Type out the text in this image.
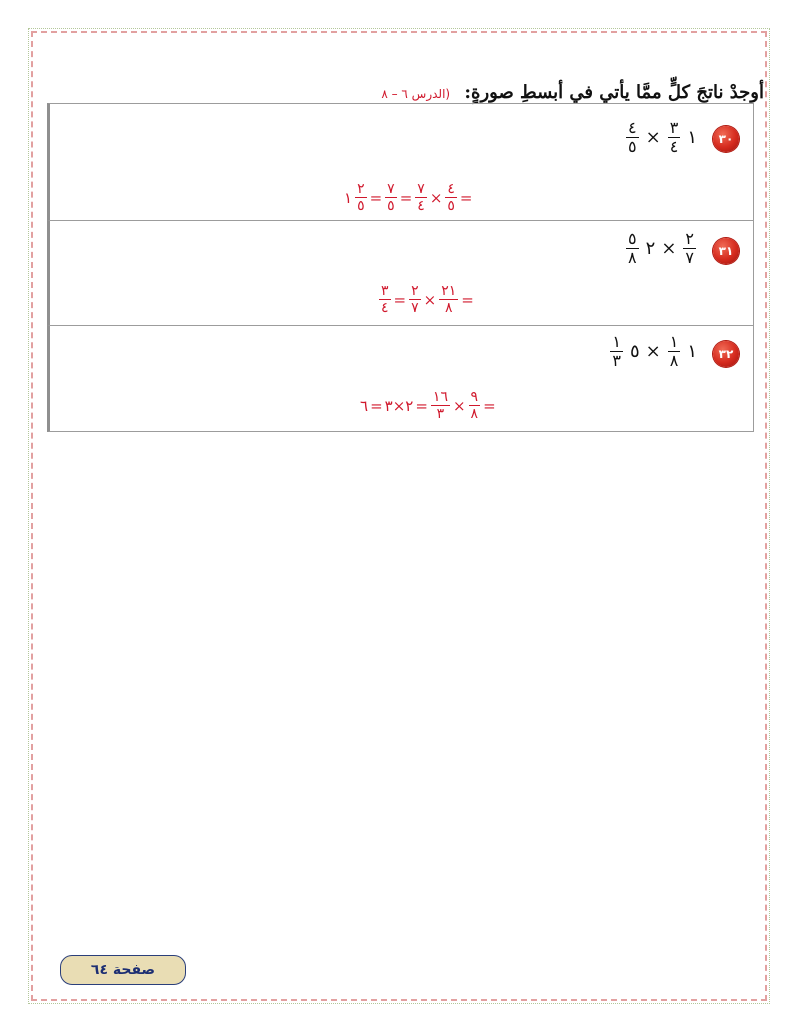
أوجدْ ناتجَ كلٍّ ممَّا يأتي في أبسطِ صورةٍ: (الدرس ٦ – ٨
٣٠
$\frac{٤}{٥} \times \frac{٣}{٤}$ ١
١ $\frac{٢}{٥} = \frac{٧}{٥} = \frac{٧}{٤} \times \frac{٤}{٥}$ =
٣١
$\frac{٥}{٨}$ ٢ × $\frac{٢}{٧}$
$\frac{٣}{٤} = \frac{٢}{٧} \times \frac{٢١}{٨}$ =
٣٢
$\frac{١}{٣}$ ٥ × $\frac{١}{٨}$ ١
٦ = ٢×٣ = $\frac{١٦}{٣} \times \frac{٩}{٨}$ =
صفحة ٦٤
